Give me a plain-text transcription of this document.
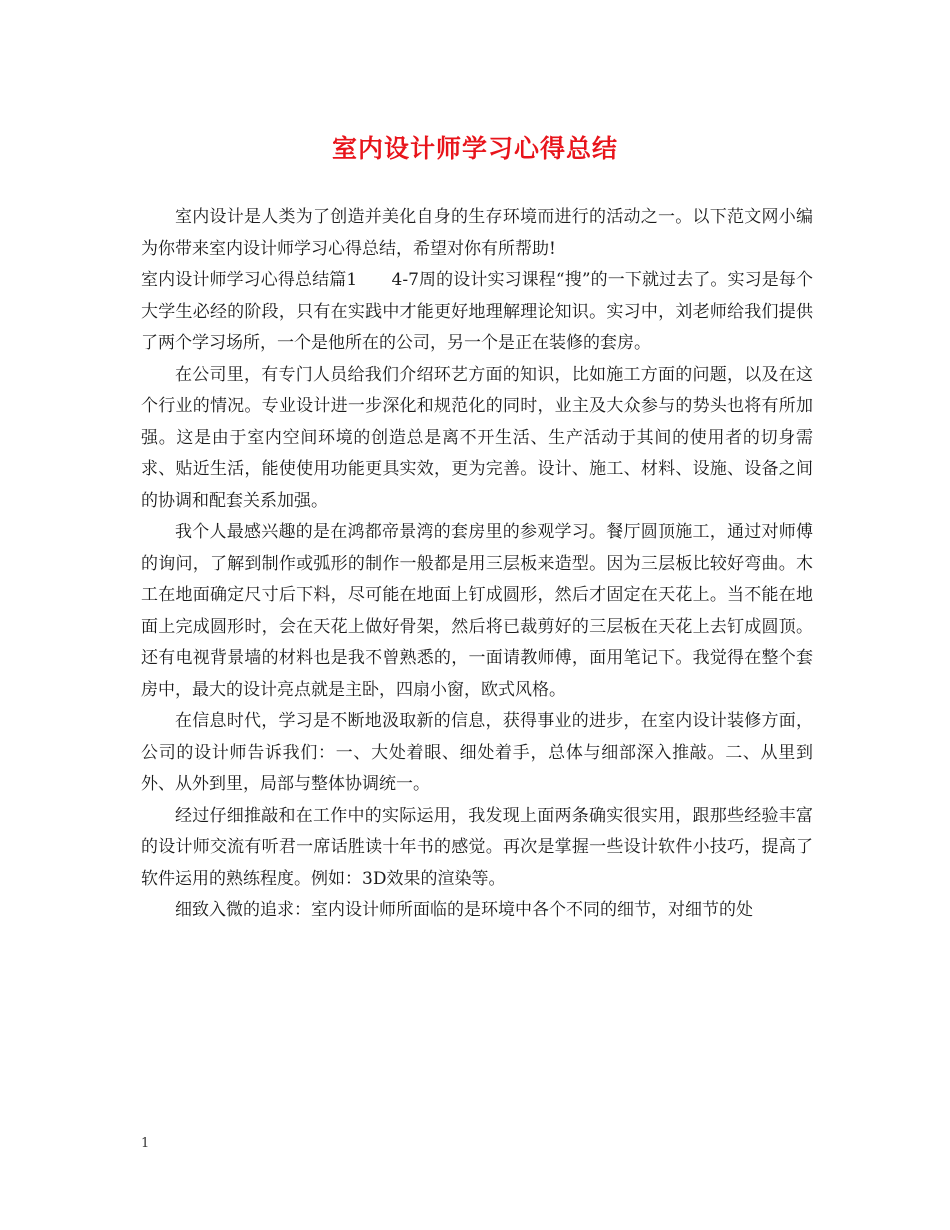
室内设计师学习心得总结

室内设计是人类为了创造并美化自身的生存环境而进行的活动之一。以下范文网小编为你带来室内设计师学习心得总结，希望对你有所帮助!

室内设计师学习心得总结篇1　　4-7周的设计实习课程“搜”的一下就过去了。实习是每个大学生必经的阶段，只有在实践中才能更好地理解理论知识。实习中，刘老师给我们提供了两个学习场所，一个是他所在的公司，另一个是正在装修的套房。

在公司里，有专门人员给我们介绍环艺方面的知识，比如施工方面的问题，以及在这个行业的情况。专业设计进一步深化和规范化的同时，业主及大众参与的势头也将有所加强。这是由于室内空间环境的创造总是离不开生活、生产活动于其间的使用者的切身需求、贴近生活，能使使用功能更具实效，更为完善。设计、施工、材料、设施、设备之间的协调和配套关系加强。

我个人最感兴趣的是在鸿都帝景湾的套房里的参观学习。餐厅圆顶施工，通过对师傅的询问，了解到制作或弧形的制作一般都是用三层板来造型。因为三层板比较好弯曲。木工在地面确定尺寸后下料，尽可能在地面上钉成圆形，然后才固定在天花上。当不能在地面上完成圆形时，会在天花上做好骨架，然后将已裁剪好的三层板在天花上去钉成圆顶。还有电视背景墙的材料也是我不曾熟悉的，一面请教师傅，面用笔记下。我觉得在整个套房中，最大的设计亮点就是主卧，四扇小窗，欧式风格。

在信息时代，学习是不断地汲取新的信息，获得事业的进步，在室内设计装修方面，公司的设计师告诉我们：一、大处着眼、细处着手，总体与细部深入推敲。二、从里到外、从外到里，局部与整体协调统一。

经过仔细推敲和在工作中的实际运用，我发现上面两条确实很实用，跟那些经验丰富的设计师交流有听君一席话胜读十年书的感觉。再次是掌握一些设计软件小技巧，提高了软件运用的熟练程度。例如：3D效果的渲染等。

细致入微的追求：室内设计师所面临的是环境中各个不同的细节，对细节的处

1
